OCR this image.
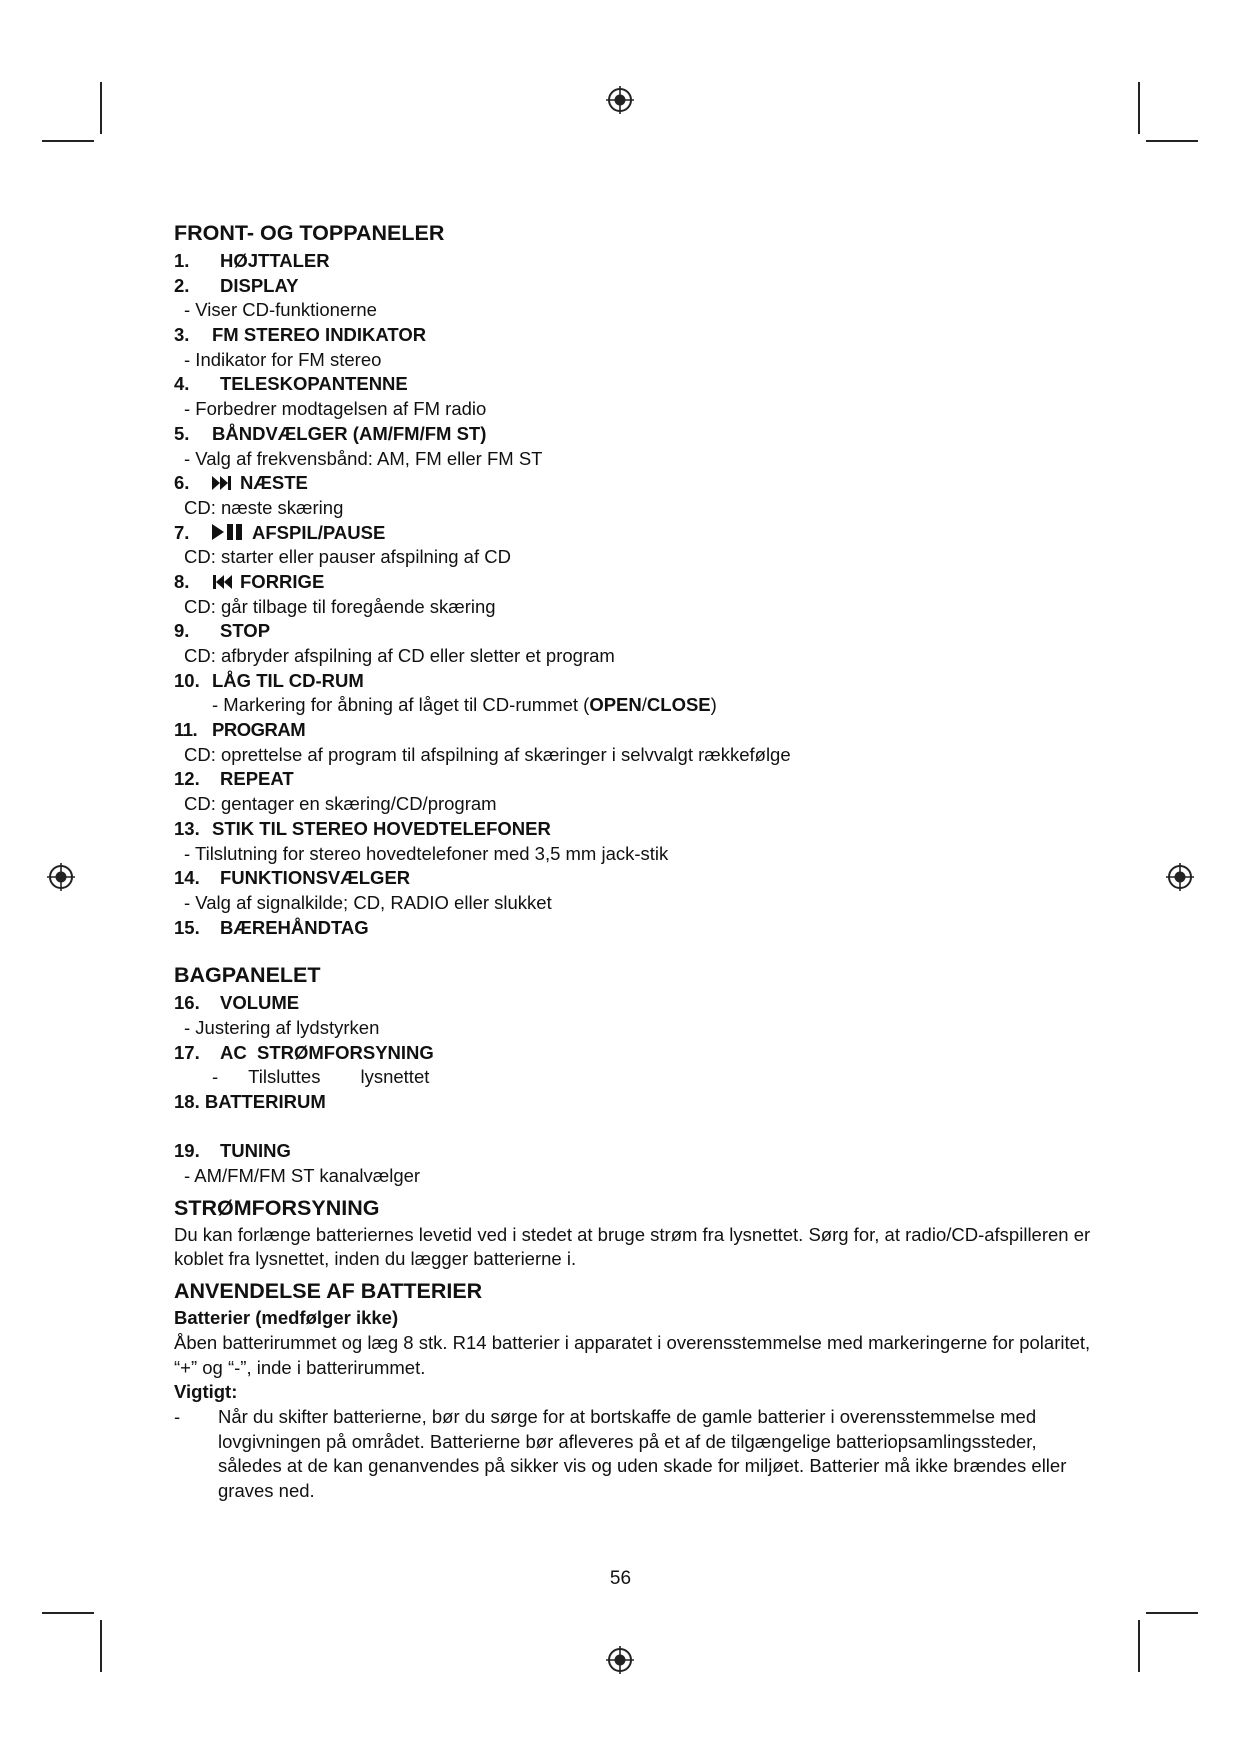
FRONT- OG TOPPANELER
1. HØJTTALER
2. DISPLAY
- Viser CD-funktionerne
3. FM STEREO INDIKATOR
- Indikator for FM stereo
4. TELESKOPANTENNE
- Forbedrer modtagelsen af FM radio
5. BÅNDVÆLGER (AM/FM/FM ST)
- Valg af frekvensbånd: AM, FM eller FM ST
6.	NÆSTE
CD: næste skæring
7.	AFSPIL/PAUSE
CD: starter eller pauser afspilning af CD
8.	FORRIGE
CD: går tilbage til foregående skæring
9. STOP
CD: afbryder afspilning af CD eller sletter et program
10. LÅG TIL CD-RUM
- Markering for åbning af låget til CD-rummet (OPEN/CLOSE)
11. PROGRAM
CD: oprettelse af program til afspilning af skæringer i selvvalgt rækkefølge
12. REPEAT
CD: gentager en skæring/CD/program
13. STIK TIL STEREO HOVEDTELEFONER
- Tilslutning for stereo hovedtelefoner med 3,5 mm jack-stik
14. FUNKTIONSVÆLGER
- Valg af signalkilde; CD, RADIO eller slukket
15. BÆREHÅNDTAG
BAGPANELET
16. VOLUME
- Justering af lydstyrken
17. AC  STRØMFORSYNING
- Tilsluttes lysnettet
18. BATTERIRUM
19. TUNING
- AM/FM/FM ST kanalvælger
STRØMFORSYNING

Du kan forlænge batteriernes levetid ved i stedet at bruge strøm fra lysnettet. Sørg for, at radio/CD-afspilleren er koblet fra lysnettet, inden du lægger batterierne i.

ANVENDELSE AF BATTERIER
Batterier (medfølger ikke)

Åben batterirummet og læg 8 stk. R14 batterier i apparatet i overensstemmelse med markeringerne for polaritet, “+” og “-”, inde i batterirummet.

Vigtigt:
- Når du skifter batterierne, bør du sørge for at bortskaffe de gamle batterier i overensstemmelse med lovgivningen på området. Batterierne bør afleveres på et af de tilgængelige batteriopsamlingssteder, således at de kan genanvendes på sikker vis og uden skade for miljøet. Batterier må ikke brændes eller graves ned.
56
